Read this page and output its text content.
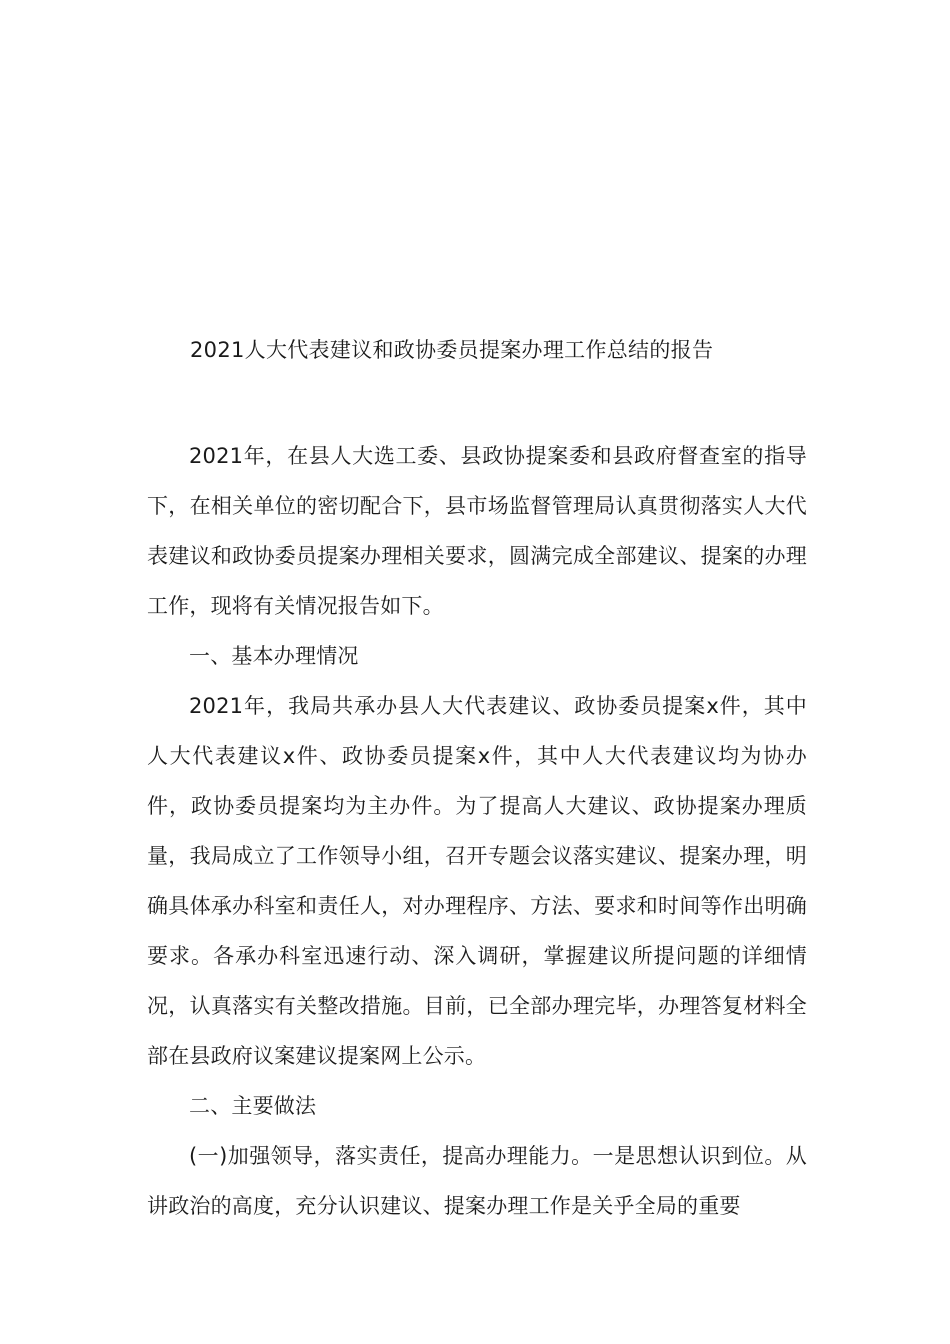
2021人大代表建议和政协委员提案办理工作总结的报告

2021年，在县人大选工委、县政协提案委和县政府督查室的指导下，在相关单位的密切配合下，县市场监督管理局认真贯彻落实人大代表建议和政协委员提案办理相关要求，圆满完成全部建议、提案的办理工作，现将有关情况报告如下。

一、基本办理情况

2021年，我局共承办县人大代表建议、政协委员提案x件，其中人大代表建议x件、政协委员提案x件，其中人大代表建议均为协办件，政协委员提案均为主办件。为了提高人大建议、政协提案办理质量，我局成立了工作领导小组，召开专题会议落实建议、提案办理，明确具体承办科室和责任人，对办理程序、方法、要求和时间等作出明确要求。各承办科室迅速行动、深入调研，掌握建议所提问题的详细情况，认真落实有关整改措施。目前，已全部办理完毕，办理答复材料全部在县政府议案建议提案网上公示。

二、主要做法

(一)加强领导，落实责任，提高办理能力。一是思想认识到位。从讲政治的高度，充分认识建议、提案办理工作是关乎全局的重要
